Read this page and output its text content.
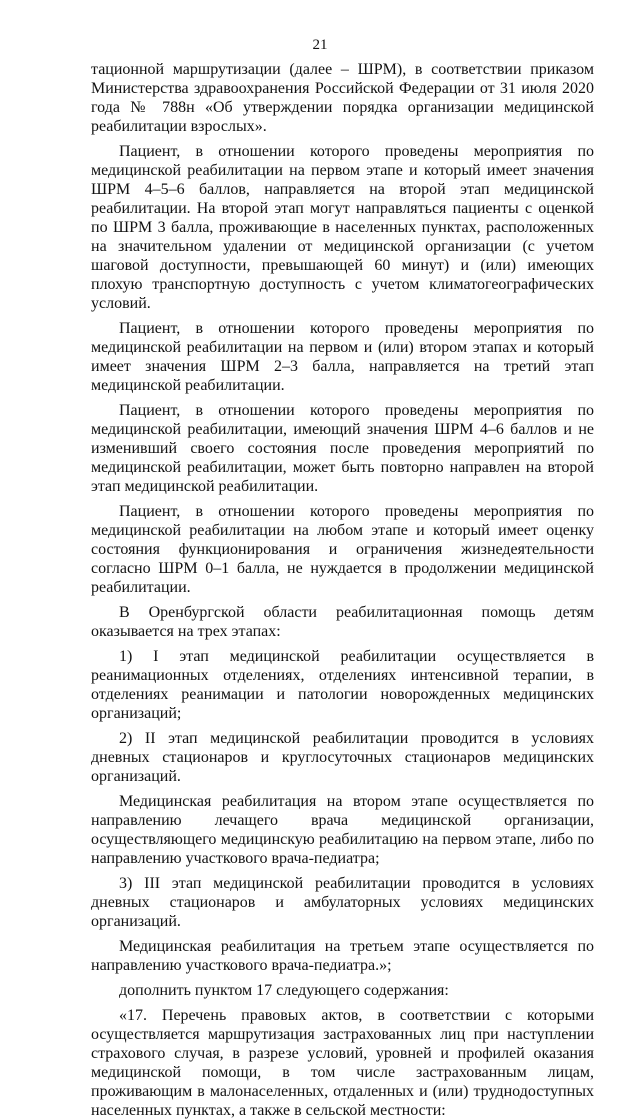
21

тационной маршрутизации (далее – ШРМ), в соответствии приказом Министерства здравоохранения Российской Федерации от 31 июля 2020 года № 788н «Об утверждении порядка организации медицинской реабилитации взрослых».

Пациент, в отношении которого проведены мероприятия по медицинской реабилитации на первом этапе и который имеет значения ШРМ 4–5–6 баллов, направляется на второй этап медицинской реабилитации. На второй этап могут направляться пациенты с оценкой по ШРМ 3 балла, проживающие в населенных пунктах, расположенных на значительном удалении от медицинской организации (с учетом шаговой доступности, превышающей 60 минут) и (или) имеющих плохую транспортную доступность с учетом климатогеографических условий.

Пациент, в отношении которого проведены мероприятия по медицинской реабилитации на первом и (или) втором этапах и который имеет значения ШРМ 2–3 балла, направляется на третий этап медицинской реабилитации.

Пациент, в отношении которого проведены мероприятия по медицинской реабилитации, имеющий значения ШРМ 4–6 баллов и не изменивший своего состояния после проведения мероприятий по медицинской реабилитации, может быть повторно направлен на второй этап медицинской реабилитации.

Пациент, в отношении которого проведены мероприятия по медицинской реабилитации на любом этапе и который имеет оценку состояния функционирования и ограничения жизнедеятельности согласно ШРМ 0–1 балла, не нуждается в продолжении медицинской реабилитации.

В Оренбургской области реабилитационная помощь детям оказывается на трех этапах:

1) I этап медицинской реабилитации осуществляется в реанимационных отделениях, отделениях интенсивной терапии, в отделениях реанимации и патологии новорожденных медицинских организаций;

2) II этап медицинской реабилитации проводится в условиях дневных стационаров и круглосуточных стационаров медицинских организаций.

Медицинская реабилитация на втором этапе осуществляется по направлению лечащего врача медицинской организации, осуществляющего медицинскую реабилитацию на первом этапе, либо по направлению участкового врача-педиатра;

3) III этап медицинской реабилитации проводится в условиях дневных стационаров и амбулаторных условиях медицинских организаций.

Медицинская реабилитация на третьем этапе осуществляется по направлению участкового врача-педиатра.»;

дополнить пунктом 17 следующего содержания:

«17. Перечень правовых актов, в соответствии с которыми осуществляется маршрутизация застрахованных лиц при наступлении страхового случая, в разрезе условий, уровней и профилей оказания медицинской помощи, в том числе застрахованным лицам, проживающим в малонаселенных, отдаленных и (или) труднодоступных населенных пунктах, а также в сельской местности:
